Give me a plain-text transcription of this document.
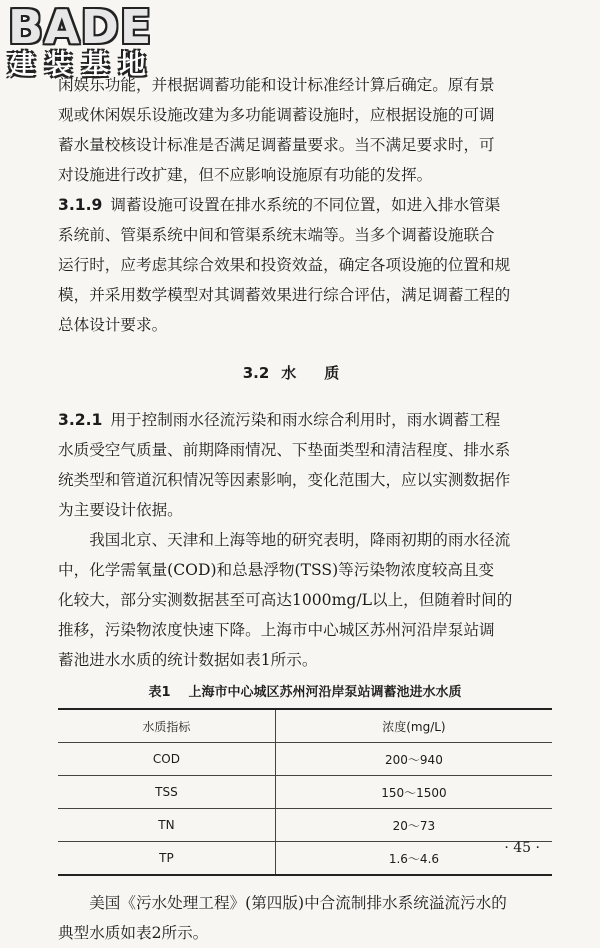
BADE
建装基地

闲娱乐功能，并根据调蓄功能和设计标准经计算后确定。原有景

观或休闲娱乐设施改建为多功能调蓄设施时，应根据设施的可调

蓄水量校核设计标准是否满足调蓄量要求。当不满足要求时，可

对设施进行改扩建，但不应影响设施原有功能的发挥。

3.1.9 调蓄设施可设置在排水系统的不同位置，如进入排水管渠

系统前、管渠系统中间和管渠系统末端等。当多个调蓄设施联合

运行时，应考虑其综合效果和投资效益，确定各项设施的位置和规

模，并采用数学模型对其调蓄效果进行综合评估，满足调蓄工程的

总体设计要求。

3.2 水质

3.2.1 用于控制雨水径流污染和雨水综合利用时，雨水调蓄工程

水质受空气质量、前期降雨情况、下垫面类型和清洁程度、排水系

统类型和管道沉积情况等因素影响，变化范围大，应以实测数据作

为主要设计依据。

我国北京、天津和上海等地的研究表明，降雨初期的雨水径流

中，化学需氧量(COD)和总悬浮物(TSS)等污染物浓度较高且变

化较大，部分实测数据甚至可高达1000mg/L以上，但随着时间的

推移，污染物浓度快速下降。上海市中心城区苏州河沿岸泵站调

蓄池进水水质的统计数据如表1所示。

表1 上海市中心城区苏州河沿岸泵站调蓄池进水水质
水质指标	浓度(mg/L)
COD	200～940
TSS	150～1500
TN	20～73
TP	1.6～4.6

美国《污水处理工程》(第四版)中合流制排水系统溢流污水的

典型水质如表2所示。

· 45 ·
